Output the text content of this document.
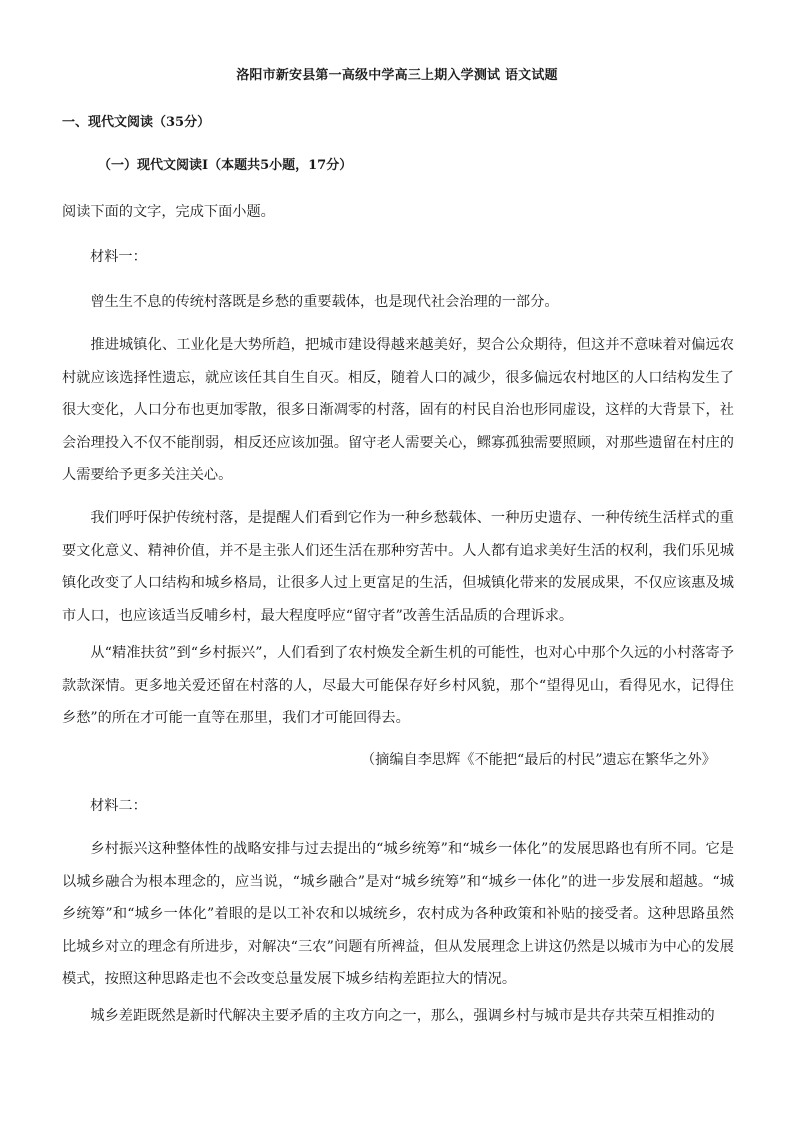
洛阳市新安县第一高级中学高三上期入学测试 语文试题
一、现代文阅读（35分）
（一）现代文阅读Ⅰ（本题共5小题，17分）
阅读下面的文字，完成下面小题。
材料一：
曾生生不息的传统村落既是乡愁的重要载体，也是现代社会治理的一部分。
推进城镇化、工业化是大势所趋，把城市建设得越来越美好，契合公众期待，但这并不意味着对偏远农村就应该选择性遗忘，就应该任其自生自灭。相反，随着人口的减少，很多偏远农村地区的人口结构发生了很大变化，人口分布也更加零散，很多日渐凋零的村落，固有的村民自治也形同虚设，这样的大背景下，社会治理投入不仅不能削弱，相反还应该加强。留守老人需要关心，鳏寡孤独需要照顾，对那些遗留在村庄的人需要给予更多关注关心。
我们呼吁保护传统村落，是提醒人们看到它作为一种乡愁载体、一种历史遗存、一种传统生活样式的重要文化意义、精神价值，并不是主张人们还生活在那种穷苦中。人人都有追求美好生活的权利，我们乐见城镇化改变了人口结构和城乡格局，让很多人过上更富足的生活，但城镇化带来的发展成果，不仅应该惠及城市人口，也应该适当反哺乡村，最大程度呼应“留守者”改善生活品质的合理诉求。
从“精准扶贫”到“乡村振兴”，人们看到了农村焕发全新生机的可能性，也对心中那个久远的小村落寄予款款深情。更多地关爱还留在村落的人，尽最大可能保存好乡村风貌，那个“望得见山，看得见水，记得住乡愁”的所在才可能一直等在那里，我们才可能回得去。
（摘编自李思辉《不能把“最后的村民”遗忘在繁华之外》
材料二：
乡村振兴这种整体性的战略安排与过去提出的“城乡统筹”和“城乡一体化”的发展思路也有所不同。它是以城乡融合为根本理念的，应当说，“城乡融合”是对“城乡统筹”和“城乡一体化”的进一步发展和超越。“城乡统筹”和“城乡一体化”着眼的是以工补农和以城统乡，农村成为各种政策和补贴的接受者。这种思路虽然比城乡对立的理念有所进步，对解决“三农”问题有所裨益，但从发展理念上讲这仍然是以城市为中心的发展模式，按照这种思路走也不会改变总量发展下城乡结构差距拉大的情况。
城乡差距既然是新时代解决主要矛盾的主攻方向之一，那么，强调乡村与城市是共存共荣互相推动的
